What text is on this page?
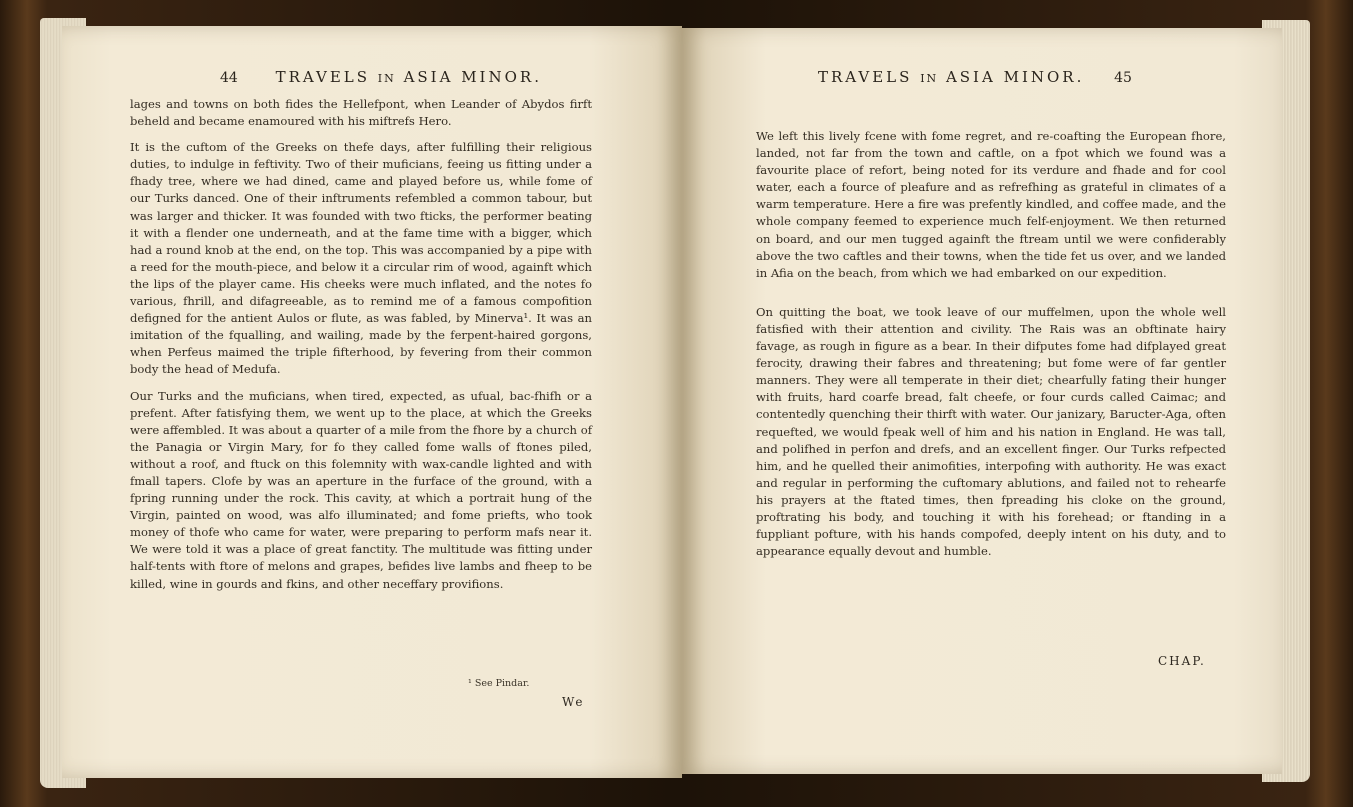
44	TRAVELS IN ASIA MINOR.

lages and towns on both fides the Hellefpont, when Leander of Abydos firft beheld and became enamoured with his miftrefs Hero.

It is the cuftom of the Greeks on thefe days, after fulfilling their religious duties, to indulge in feftivity. Two of their muficians, feeing us fitting under a fhady tree, where we had dined, came and played before us, while fome of our Turks danced. One of their inftruments refembled a common tabour, but was larger and thicker. It was founded with two fticks, the performer beating it with a flender one underneath, and at the fame time with a bigger, which had a round knob at the end, on the top. This was accompanied by a pipe with a reed for the mouth-piece, and below it a circular rim of wood, againft which the lips of the player came. His cheeks were much inflated, and the notes fo various, fhrill, and difagreeable, as to remind me of a famous compofition defigned for the antient Aulos or flute, as was fabled, by Minerva¹. It was an imitation of the fqualling, and wailing, made by the ferpent-haired gorgons, when Perfeus maimed the triple fifterhood, by fevering from their common body the head of Medufa.

Our Turks and the muficians, when tired, expected, as ufual, bac-fhifh or a prefent. After fatisfying them, we went up to the place, at which the Greeks were affembled. It was about a quarter of a mile from the fhore by a church of the Panagia or Virgin Mary, for fo they called fome walls of ftones piled, without a roof, and ftuck on this folemnity with wax-candle lighted and with fmall tapers. Clofe by was an aperture in the furface of the ground, with a fpring running under the rock. This cavity, at which a portrait hung of the Virgin, painted on wood, was alfo illuminated; and fome priefts, who took money of thofe who came for water, were preparing to perform mafs near it. We were told it was a place of great fanctity. The multitude was fitting under half-tents with ftore of melons and grapes, befides live lambs and fheep to be killed, wine in gourds and fkins, and other neceffary provifions.

¹ See Pindar.
We
TRAVELS IN ASIA MINOR. 45

We left this lively fcene with fome regret, and re-coafting the European fhore, landed, not far from the town and caftle, on a fpot which we found was a favourite place of refort, being noted for its verdure and fhade and for cool water, each a fource of pleafure and as refrefhing as grateful in climates of a warm temperature. Here a fire was prefently kindled, and coffee made, and the whole company feemed to experience much felf-enjoyment. We then returned on board, and our men tugged againft the ftream until we were confiderably above the two caftles and their towns, when the tide fet us over, and we landed in Afia on the beach, from which we had embarked on our expedition.

On quitting the boat, we took leave of our muffelmen, upon the whole well fatisfied with their attention and civility. The Rais was an obftinate hairy favage, as rough in figure as a bear. In their difputes fome had difplayed great ferocity, drawing their fabres and threatening; but fome were of far gentler manners. They were all temperate in their diet; chearfully fating their hunger with fruits, hard coarfe bread, falt cheefe, or four curds called Caimac; and contentedly quenching their thirft with water. Our janizary, Baructer-Aga, often requefted, we would fpeak well of him and his nation in England. He was tall, and polifhed in perfon and drefs, and an excellent finger. Our Turks refpected him, and he quelled their animofities, interpofing with authority. He was exact and regular in performing the cuftomary ablutions, and failed not to rehearfe his prayers at the ftated times, then fpreading his cloke on the ground, proftrating his body, and touching it with his forehead; or ftanding in a fuppliant pofture, with his hands compofed, deeply intent on his duty, and to appearance equally devout and humble.

CHAP.
